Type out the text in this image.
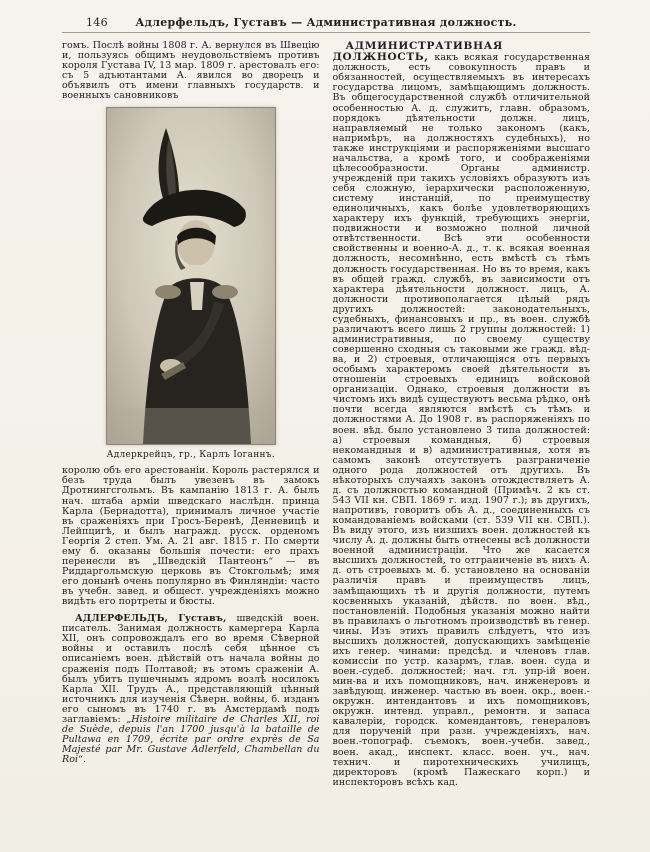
146 Адлерфельдъ, Густавъ — Административная должность.

гомъ. Послѣ войны 1808 г. А. вернулся въ Швецію и, пользуясь общимъ неудовольствіемъ противъ короля Густава IV, 13 мар. 1809 г. арестовалъ его: съ 5 адъютантами А. явился во дворецъ и объявилъ отъ имени главныхъ государств. и военныхъ сановниковъ

Адлеркрейцъ, гр., Карлъ Іоганнъ.

королю объ его арестованіи. Король растерялся и безъ труда былъ увезенъ въ замокъ Дротнингсгольмъ. Въ кампанію 1813 г. А. былъ нач. штаба арміи шведскаго наслѣдн. принца Карла (Бернадотта), принималъ личное участіе въ сраженіяхъ при Гросъ-Беренѣ, Денневицѣ и Лейпцигѣ, и былъ награжд. русск. орденомъ Георгія 2 степ. Ум. А. 21 авг. 1815 г. По смерти ему б. оказаны большія почести: его прахъ перенесли въ „Шведскій Пантеонъ“ — въ Риддаргольмскую церковь въ Стокгольмѣ; имя его донынѣ очень популярно въ Финляндіи: часто въ учебн. завед. и общест. учрежденіяхъ можно видѣть его портреты и бюсты.

АДЛЕРФЕЛЬДЪ, Густавъ, шведскій воен. писатель. Занимая должность камергера Карла XII, онъ сопровождалъ его во время Сѣверной войны и оставилъ послѣ себя цѣнное съ описаніемъ воен. дѣйствій отъ начала войны до сраженія подъ Полтавой; въ этомъ сраженіи А. былъ убитъ пушечнымъ ядромъ возлѣ носилокъ Карла XII. Трудъ А., представляющій цѣнный источникъ для изученія Сѣверн. войны, б. изданъ его сыномъ въ 1740 г. въ Амстердамѣ подъ заглавіемъ: „Histoire militaire de Charles XII, roi de Suède, depuis l'an 1700 jusqu'à la bataille de Pultawa en 1709, écrite par ordre exprès de Sa Majesté par Mr. Gustave Adlerfeld, Chambellan du Roi“.

АДМИНИСТРАТИВНАЯ ДОЛЖНОСТЬ, какъ всякая государственная должность, есть совокупность правъ и обязанностей, осуществляемыхъ въ интересахъ государства лицомъ, замѣщающимъ должность. Въ общегосударственной службѣ отличительной особенностью А. д. служитъ, главн. образомъ, порядокъ дѣятельности должн. лицъ, направляемый не только закономъ (какъ, напримѣръ, на должностяхъ судебныхъ), но также инструкціями и распоряженіями высшаго начальства, а кромѣ того, и соображеніями цѣлесообразности. Органы администр. учрежденій при такихъ условіяхъ образуютъ изъ себя сложную, іерархически расположенную, систему инстанцій, по преимуществу единоличныхъ, какъ болѣе удовлетворяющихъ характеру ихъ функцій, требующихъ энергіи, подвижности и возможно полной личной отвѣтственности. Всѣ эти особенности свойственны и военно-А. д., т. к. всякая военная должность, несомнѣнно, есть вмѣстѣ съ тѣмъ должность государственная. Но въ то время, какъ въ общей гражд. службѣ, въ зависимости отъ характера дѣятельности должност. лицъ, А. должности противополагается цѣлый рядъ другихъ должностей: законодательныхъ, судебныхъ, финансовыхъ и пр., въ воен. службѣ различаютъ всего лишь 2 группы должностей: 1) административныя, по своему существу совершенно сходныя съ таковыми же гражд. вѣд-ва, и 2) строевыя, отличающіяся отъ первыхъ особымъ характеромъ своей дѣятельности въ отношеніи строевыхъ единицъ войсковой организаціи. Однако, строевыя должности въ чистомъ ихъ видѣ существуютъ весьма рѣдко, онѣ почти всегда являются вмѣстѣ съ тѣмъ и должностями А. До 1908 г. въ распоряженіяхъ по воен. вѣд. было установлено 3 типа должностей: а) строевыя командныя, б) строевыя некомандныя и в) административныя, хотя въ самомъ законѣ отсутствуетъ разграниченіе одного рода должностей отъ другихъ. Въ нѣкоторыхъ случаяхъ законъ отождествляетъ А. д. съ должностью командной (Примѣч. 2 къ ст. 543 VII кн. СВП. 1869 г. изд. 1907 г.); въ другихъ, напротивъ, говоритъ объ А. д., соединенныхъ съ командованіемъ войсками (ст. 539 VII кн. СВП.). Въ виду этого, изъ низшихъ воен. должностей къ числу А. д. должны быть отнесены всѣ должности военной администраціи. Что же касается высшихъ должностей, то отграниченіе въ нихъ А. д. отъ строевыхъ м. б. установлено на основаніи различія правъ и преимуществъ лицъ, замѣщающихъ тѣ и другія должности, путемъ косвенныхъ указаній, дѣйств. по воен. вѣд., постановленій. Подобныя указанія можно найти въ правилахъ о льготномъ производствѣ въ генер. чины. Изъ этихъ правилъ слѣдуетъ, что изъ высшихъ должностей, допускающихъ замѣщеніе ихъ генер. чинами: предсѣд. и членовъ глав. комиссіи по устр. казармъ, глав. воен. суда и воен.-судеб. должностей; нач. гл. упр-ій воен. мин-ва и ихъ помощниковъ, нач. инженеровъ и завѣдующ. инженер. частью въ воен. окр., воен.-окружн. интендантовъ и ихъ помощниковъ, окружн. интенд. управл., ремонтн. и запаса кавалеріи, городск. комендантовъ, генераловъ для порученій при разн. учрежденіяхъ, нач. воен.-топограф. съемокъ, воен.-учебн. завед., воен. акад., инспект. класс. воен. уч., нач. технич. и пиротехническихъ училищъ, директоровъ (кромѣ Пажескаго корп.) и инспекторовъ всѣхъ кад.
